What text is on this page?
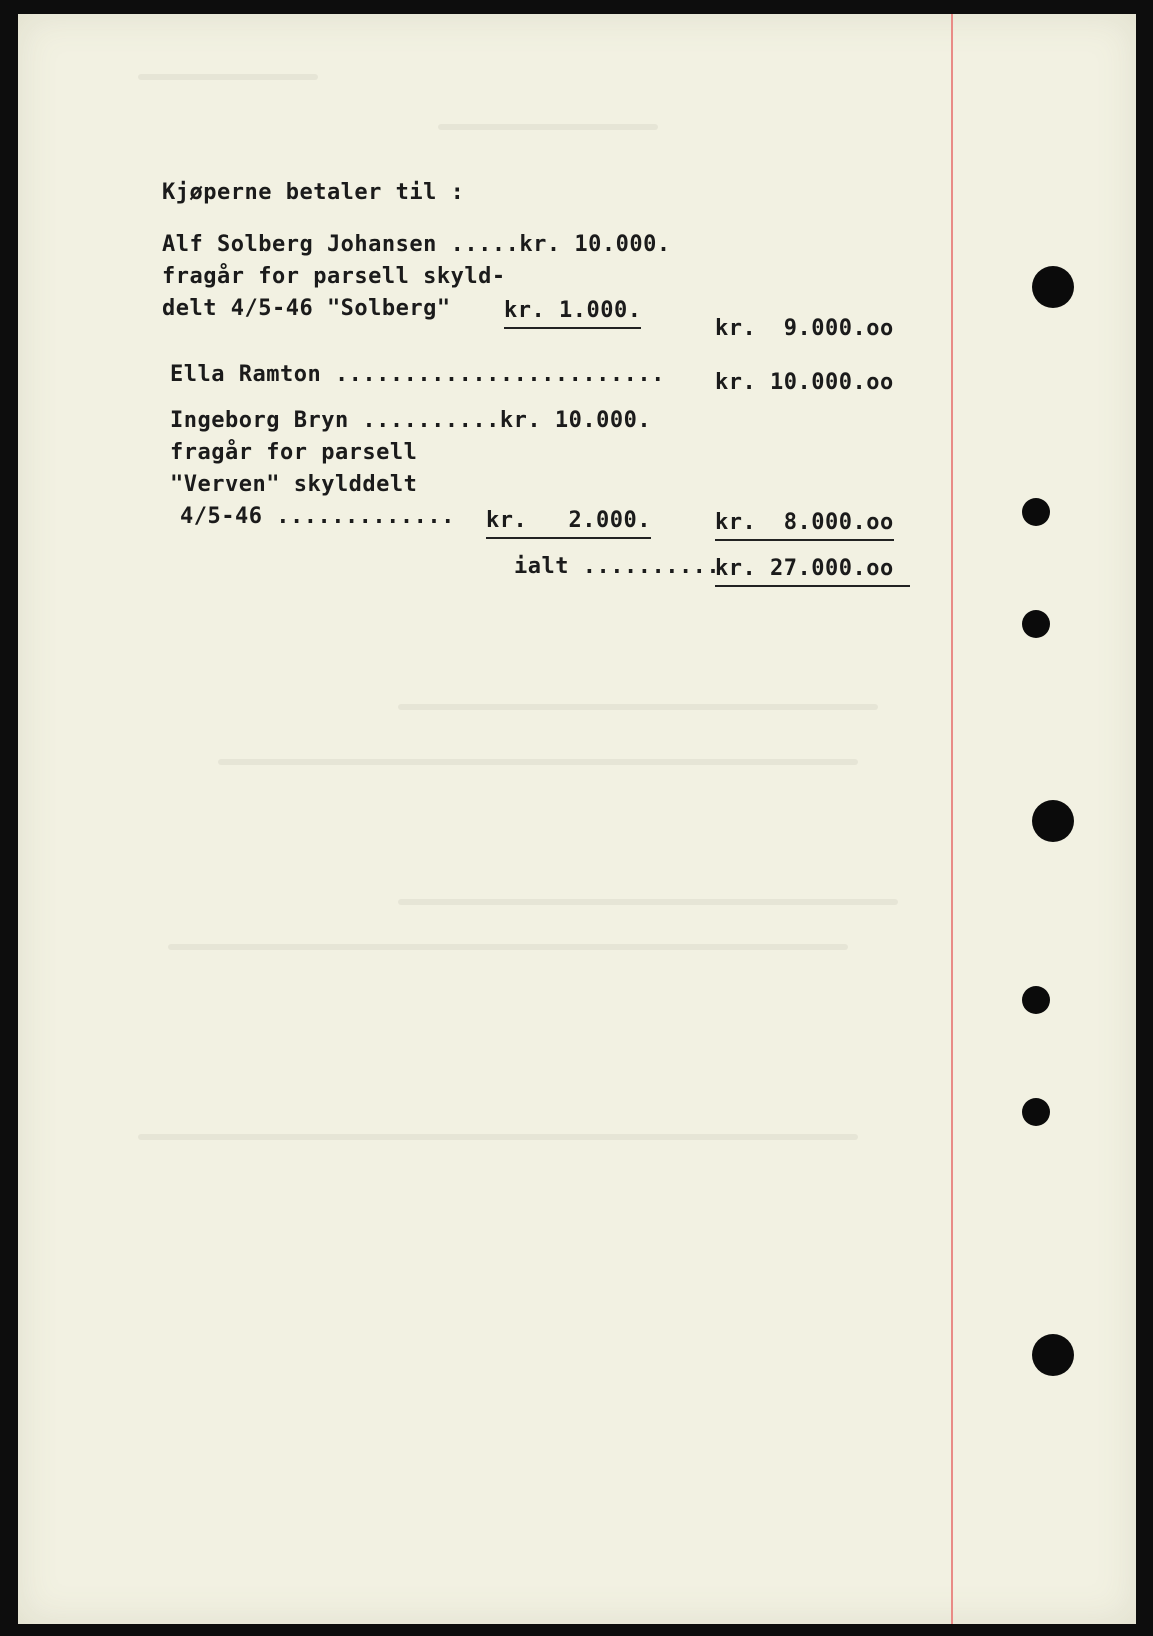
Kjøperne betaler til :

Alf Solberg Johansen .....kr. 10.000.

fragår for parsell skyld-

delt 4/5-46 "Solberg" kr. 1.000.

kr.  9.000.oo

Ella Ramton ........................ kr. 10.000.oo

Ingeborg Bryn ..........kr. 10.000.

fragår for parsell

"Verven" skylddelt

4/5-46 ............. kr.   2.000.	kr.  8.000.oo

ialt ..........

kr. 27.000.oo
